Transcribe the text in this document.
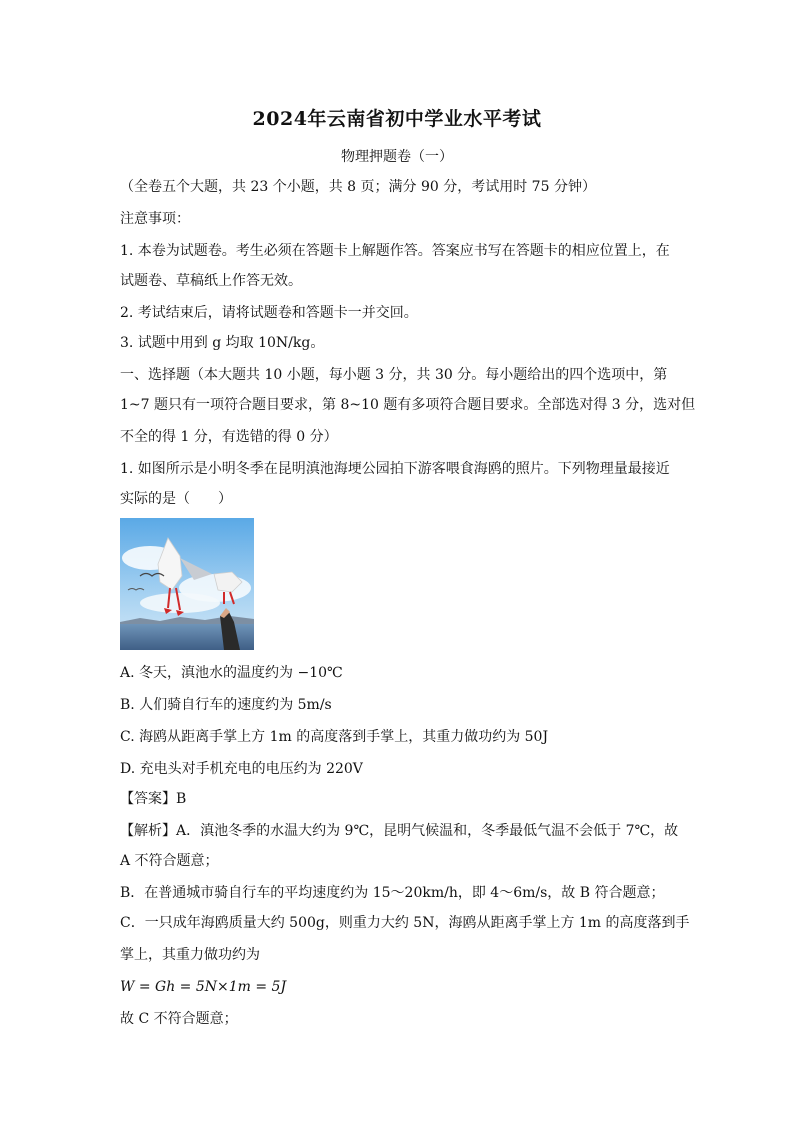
2024年云南省初中学业水平考试
物理押题卷（一）
（全卷五个大题，共 23 个小题，共 8 页；满分 90 分，考试用时 75 分钟）
注意事项：
1. 本卷为试题卷。考生必须在答题卡上解题作答。答案应书写在答题卡的相应位置上，在
试题卷、草稿纸上作答无效。
2. 考试结束后，请将试题卷和答题卡一并交回。
3. 试题中用到 g 均取 10N/kg。
一、选择题（本大题共 10 小题，每小题 3 分，共 30 分。每小题给出的四个选项中，第
1~7 题只有一项符合题目要求，第 8~10 题有多项符合题目要求。全部选对得 3 分，选对但
不全的得 1 分，有选错的得 0 分）
1. 如图所示是小明冬季在昆明滇池海埂公园拍下游客喂食海鸥的照片。下列物理量最接近
实际的是（　　）
A. 冬天，滇池水的温度约为 −10℃
B. 人们骑自行车的速度约为 5m/s
C. 海鸥从距离手掌上方 1m 的高度落到手掌上，其重力做功约为 50J
D. 充电头对手机充电的电压约为 220V
【答案】B
【解析】A．滇池冬季的水温大约为 9℃，昆明气候温和，冬季最低气温不会低于 7℃，故
A 不符合题意；
B．在普通城市骑自行车的平均速度约为 15～20km/h，即 4～6m/s，故 B 符合题意；
C．一只成年海鸥质量大约 500g，则重力大约 5N，海鸥从距离手掌上方 1m 的高度落到手
掌上，其重力做功约为
W = Gh = 5N×1m = 5J
故 C 不符合题意；
